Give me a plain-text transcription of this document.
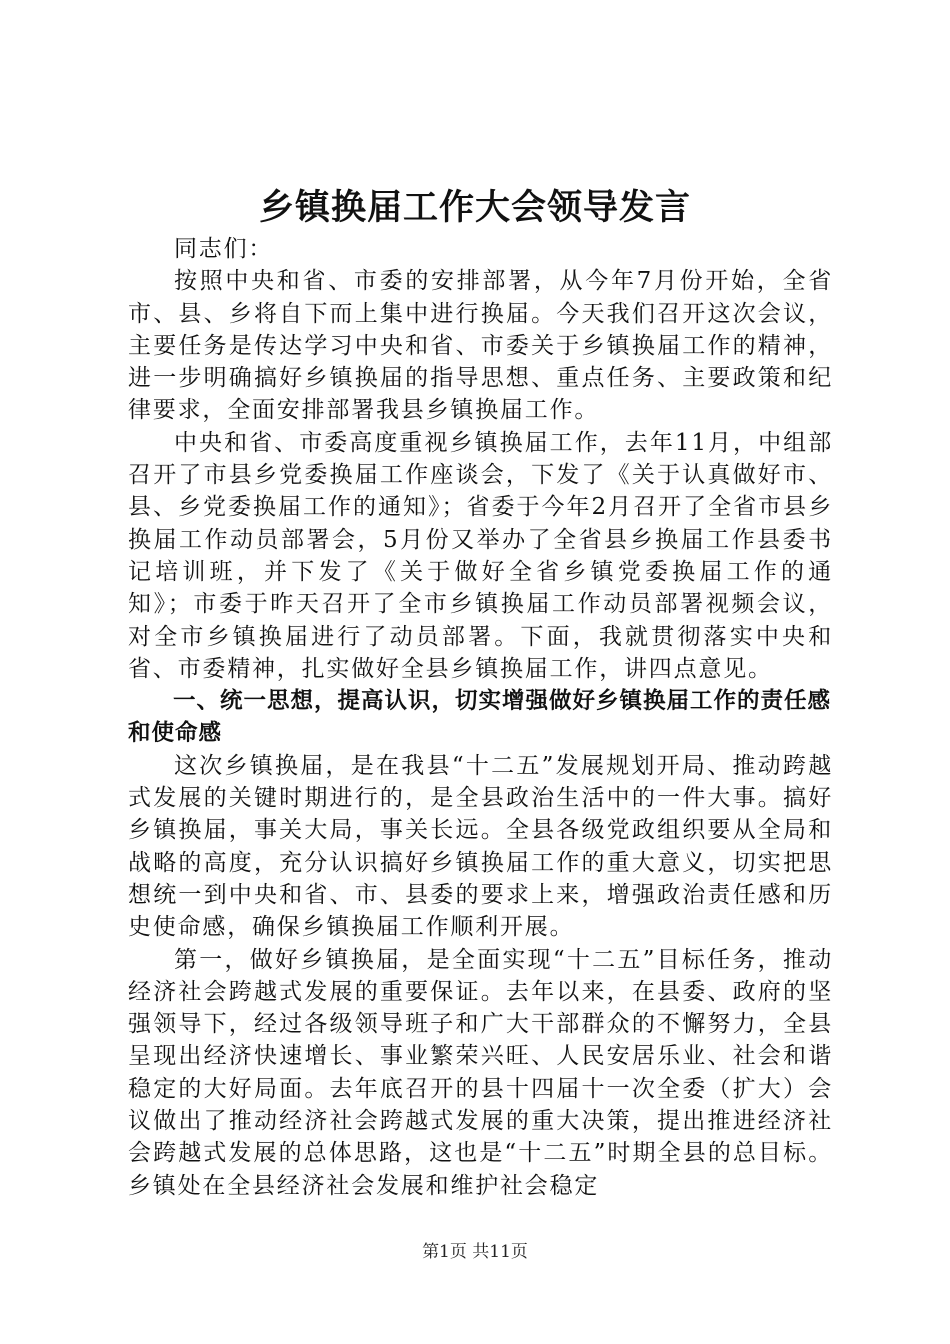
乡镇换届工作大会领导发言

同志们：

按照中央和省、市委的安排部署，从今年7月份开始，全省市、县、乡将自下而上集中进行换届。今天我们召开这次会议，主要任务是传达学习中央和省、市委关于乡镇换届工作的精神，进一步明确搞好乡镇换届的指导思想、重点任务、主要政策和纪律要求，全面安排部署我县乡镇换届工作。

中央和省、市委高度重视乡镇换届工作，去年11月，中组部召开了市县乡党委换届工作座谈会，下发了《关于认真做好市、县、乡党委换届工作的通知》；省委于今年2月召开了全省市县乡换届工作动员部署会，5月份又举办了全省县乡换届工作县委书记培训班，并下发了《关于做好全省乡镇党委换届工作的通知》；市委于昨天召开了全市乡镇换届工作动员部署视频会议，对全市乡镇换届进行了动员部署。下面，我就贯彻落实中央和省、市委精神，扎实做好全县乡镇换届工作，讲四点意见。

一、统一思想，提高认识，切实增强做好乡镇换届工作的责任感和使命感

这次乡镇换届，是在我县“十二五”发展规划开局、推动跨越式发展的关键时期进行的，是全县政治生活中的一件大事。搞好乡镇换届，事关大局，事关长远。全县各级党政组织要从全局和战略的高度，充分认识搞好乡镇换届工作的重大意义，切实把思想统一到中央和省、市、县委的要求上来，增强政治责任感和历史使命感，确保乡镇换届工作顺利开展。

第一，做好乡镇换届，是全面实现“十二五”目标任务，推动经济社会跨越式发展的重要保证。去年以来，在县委、政府的坚强领导下，经过各级领导班子和广大干部群众的不懈努力，全县呈现出经济快速增长、事业繁荣兴旺、人民安居乐业、社会和谐稳定的大好局面。去年底召开的县十四届十一次全委（扩大）会议做出了推动经济社会跨越式发展的重大决策，提出推进经济社会跨越式发展的总体思路，这也是“十二五”时期全县的总目标。乡镇处在全县经济社会发展和维护社会稳定

第1页 共11页
